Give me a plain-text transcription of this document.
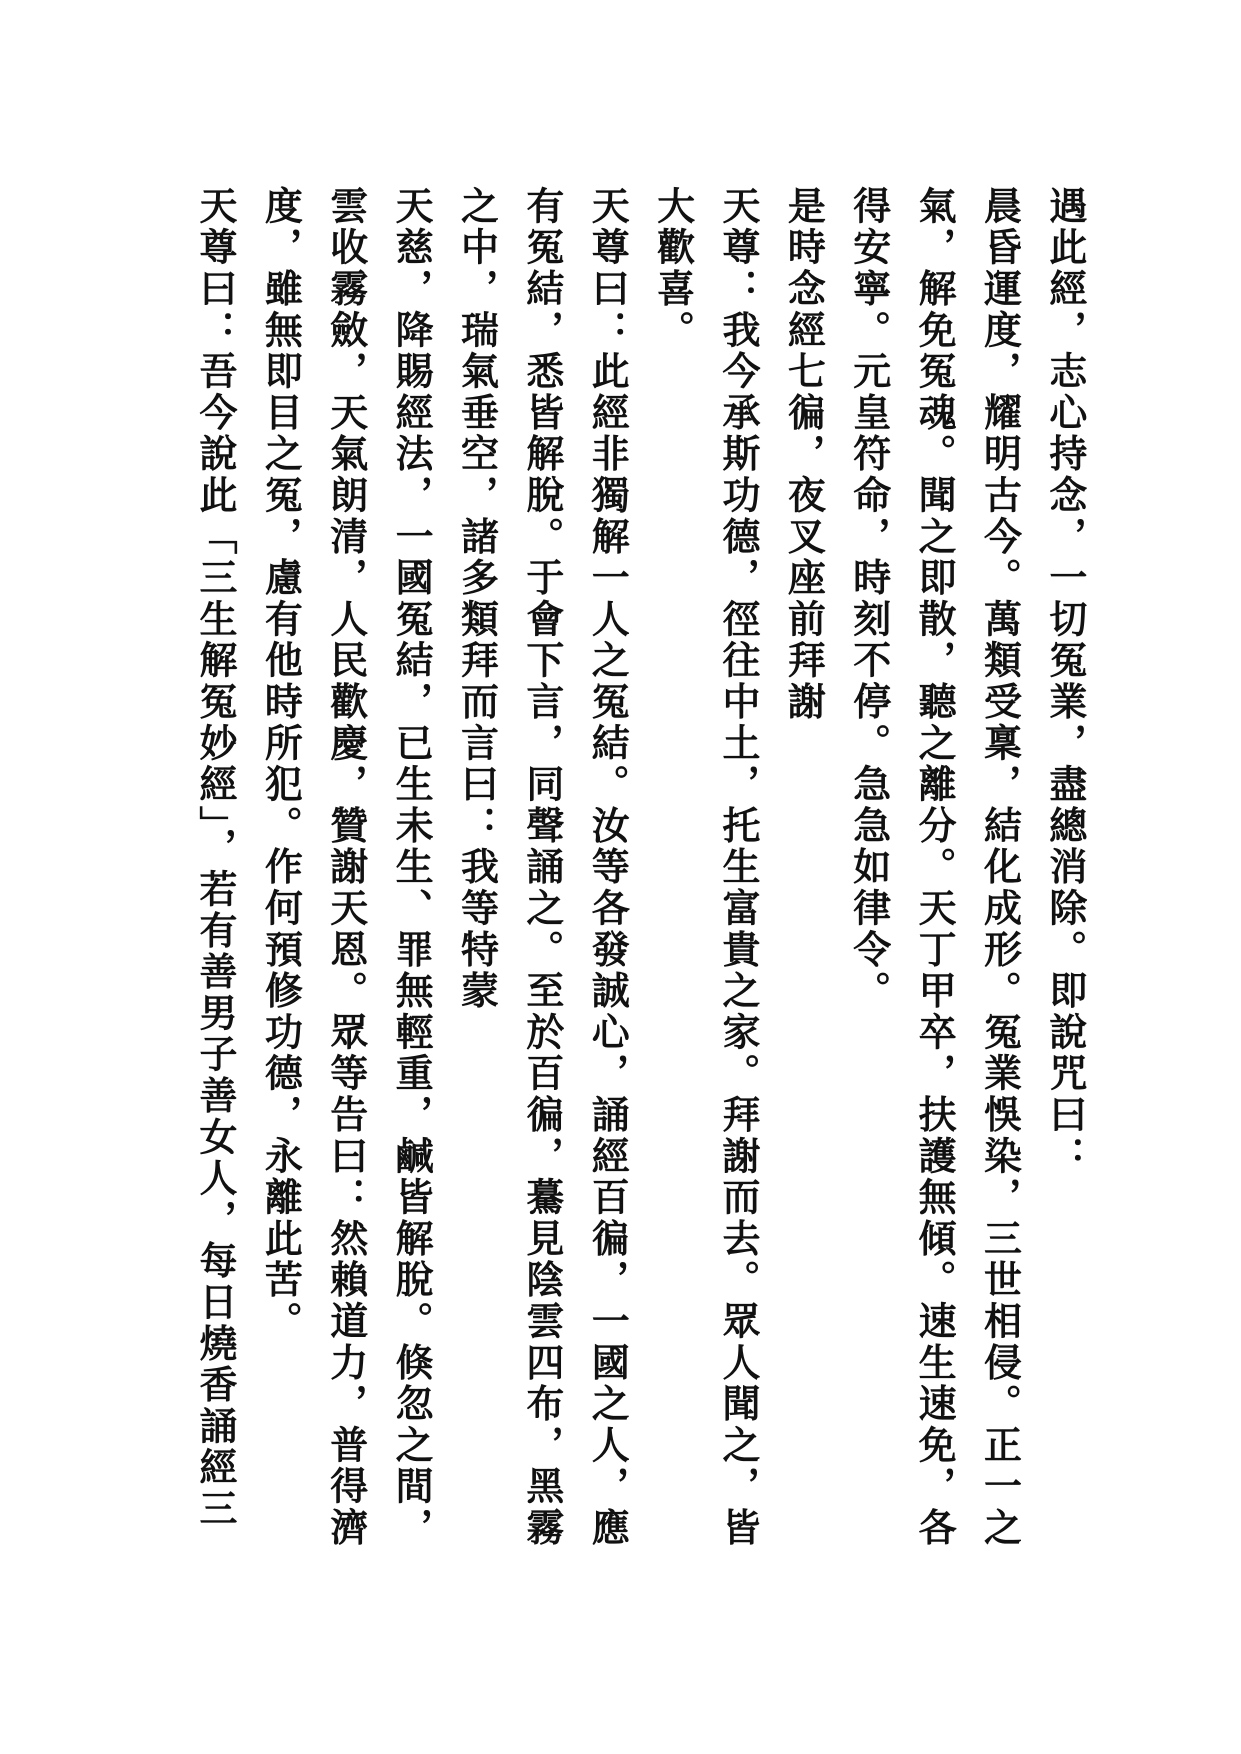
遇此經，志心持念，一切冤業，盡總消除。即說咒曰：
晨昏運度，耀明古今。萬類受稟，結化成形。冤業悞染，三世相侵。正一之
氣，解免冤魂。聞之即散，聽之離分。天丁甲卒，扶護無傾。速生速免，各
得安寧。元皇符命，時刻不停。急急如律令。
是時念經七徧，夜叉座前拜謝
天尊：我今承斯功德，徑往中土，托生富貴之家。拜謝而去。眾人聞之，皆
大歡喜。
天尊曰：此經非獨解一人之冤結。汝等各發誠心，誦經百徧，一國之人，應
有冤結，悉皆解脫。于會下言，同聲誦之。至於百徧，驀見陰雲四布，黑霧
之中，瑞氣垂空，諸多類拜而言曰：我等特蒙
天慈，降賜經法，一國冤結，已生未生、罪無輕重，鹹皆解脫。倏忽之間，
雲收霧斂，天氣朗清，人民歡慶，贊謝天恩。眾等告曰：然賴道力，普得濟
度，雖無即目之冤，慮有他時所犯。作何預修功德，永離此苦。
天尊曰：吾今說此「三生解冤妙經」，若有善男子善女人，每日燒香誦經三
